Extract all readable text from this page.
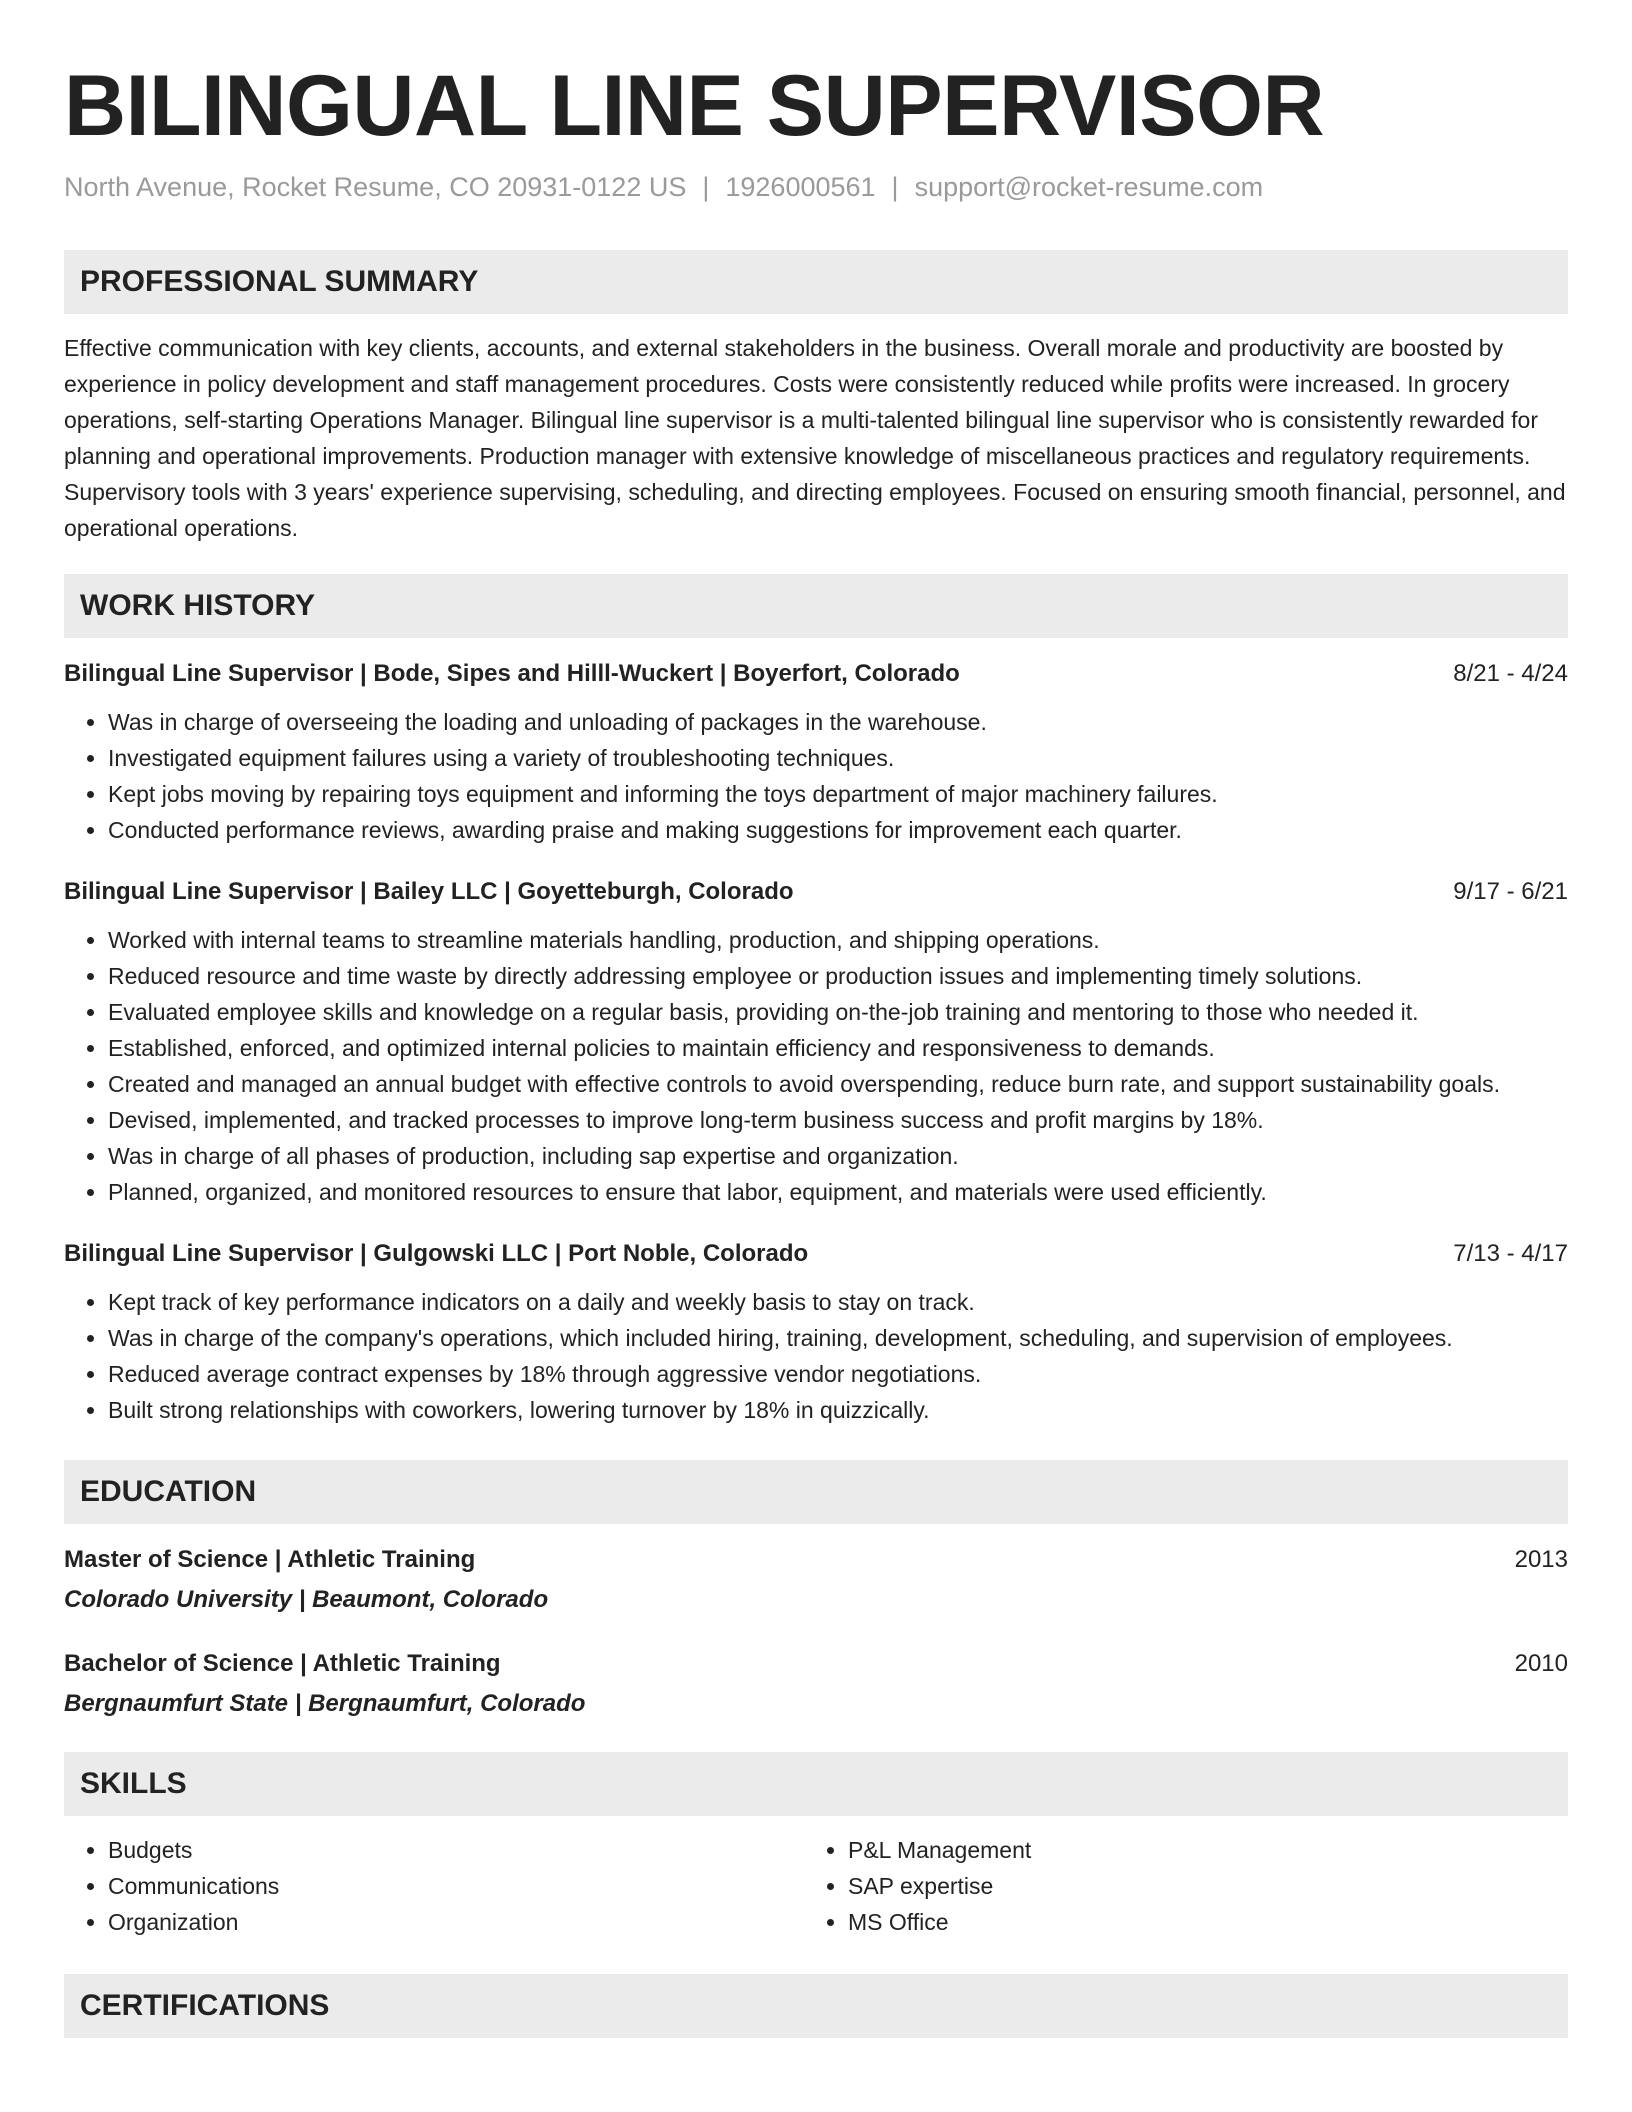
BILINGUAL LINE SUPERVISOR
North Avenue, Rocket Resume, CO 20931-0122 US | 1926000561 | support@rocket-resume.com
PROFESSIONAL SUMMARY
Effective communication with key clients, accounts, and external stakeholders in the business. Overall morale and productivity are boosted by experience in policy development and staff management procedures. Costs were consistently reduced while profits were increased. In grocery operations, self-starting Operations Manager. Bilingual line supervisor is a multi-talented bilingual line supervisor who is consistently rewarded for planning and operational improvements. Production manager with extensive knowledge of miscellaneous practices and regulatory requirements. Supervisory tools with 3 years' experience supervising, scheduling, and directing employees. Focused on ensuring smooth financial, personnel, and operational operations.
WORK HISTORY
Bilingual Line Supervisor | Bode, Sipes and Hilll-Wuckert | Boyerfort, Colorado	8/21 - 4/24
• Was in charge of overseeing the loading and unloading of packages in the warehouse.
• Investigated equipment failures using a variety of troubleshooting techniques.
• Kept jobs moving by repairing toys equipment and informing the toys department of major machinery failures.
• Conducted performance reviews, awarding praise and making suggestions for improvement each quarter.
Bilingual Line Supervisor | Bailey LLC | Goyetteburgh, Colorado	9/17 - 6/21
• Worked with internal teams to streamline materials handling, production, and shipping operations.
• Reduced resource and time waste by directly addressing employee or production issues and implementing timely solutions.
• Evaluated employee skills and knowledge on a regular basis, providing on-the-job training and mentoring to those who needed it.
• Established, enforced, and optimized internal policies to maintain efficiency and responsiveness to demands.
• Created and managed an annual budget with effective controls to avoid overspending, reduce burn rate, and support sustainability goals.
• Devised, implemented, and tracked processes to improve long-term business success and profit margins by 18%.
• Was in charge of all phases of production, including sap expertise and organization.
• Planned, organized, and monitored resources to ensure that labor, equipment, and materials were used efficiently.
Bilingual Line Supervisor | Gulgowski LLC | Port Noble, Colorado	7/13 - 4/17
• Kept track of key performance indicators on a daily and weekly basis to stay on track.
• Was in charge of the company's operations, which included hiring, training, development, scheduling, and supervision of employees.
• Reduced average contract expenses by 18% through aggressive vendor negotiations.
• Built strong relationships with coworkers, lowering turnover by 18% in quizzically.
EDUCATION
Master of Science | Athletic Training	2013
Colorado University | Beaumont, Colorado
Bachelor of Science | Athletic Training	2010
Bergnaumfurt State | Bergnaumfurt, Colorado
SKILLS
• Budgets
• Communications
• Organization
• P&L Management
• SAP expertise
• MS Office
CERTIFICATIONS
